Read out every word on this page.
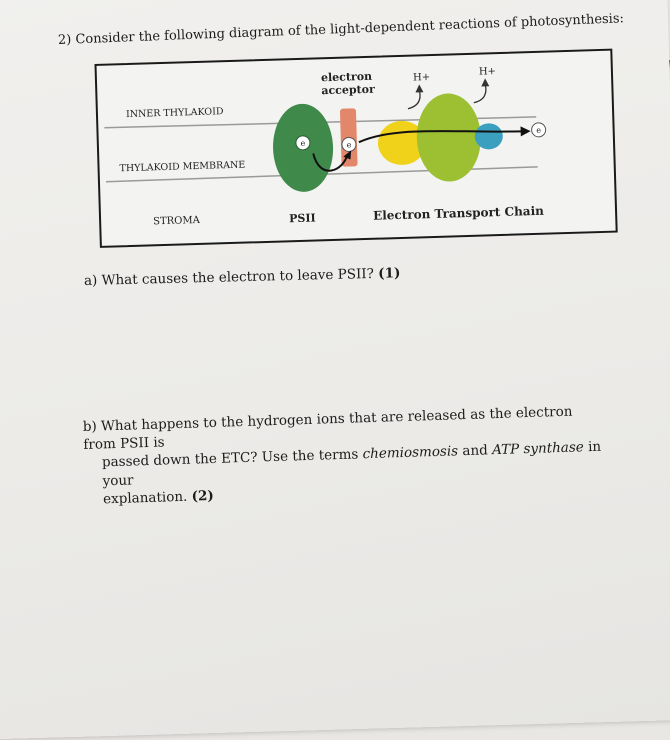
2) Consider the following diagram of the light-dependent reactions of photosynthesis:
e	e
e
INNER THYLAKOID
THYLAKOID MEMBRANE
STROMA	PSII
electron
acceptor
H+
H+
Electron Transport Chain
a) What causes the electron to leave PSII? (1)
b) What happens to the hydrogen ions that are released as the electron from PSII is
passed down the ETC? Use the terms chemiosmosis and ATP synthase in your
explanation. (2)
